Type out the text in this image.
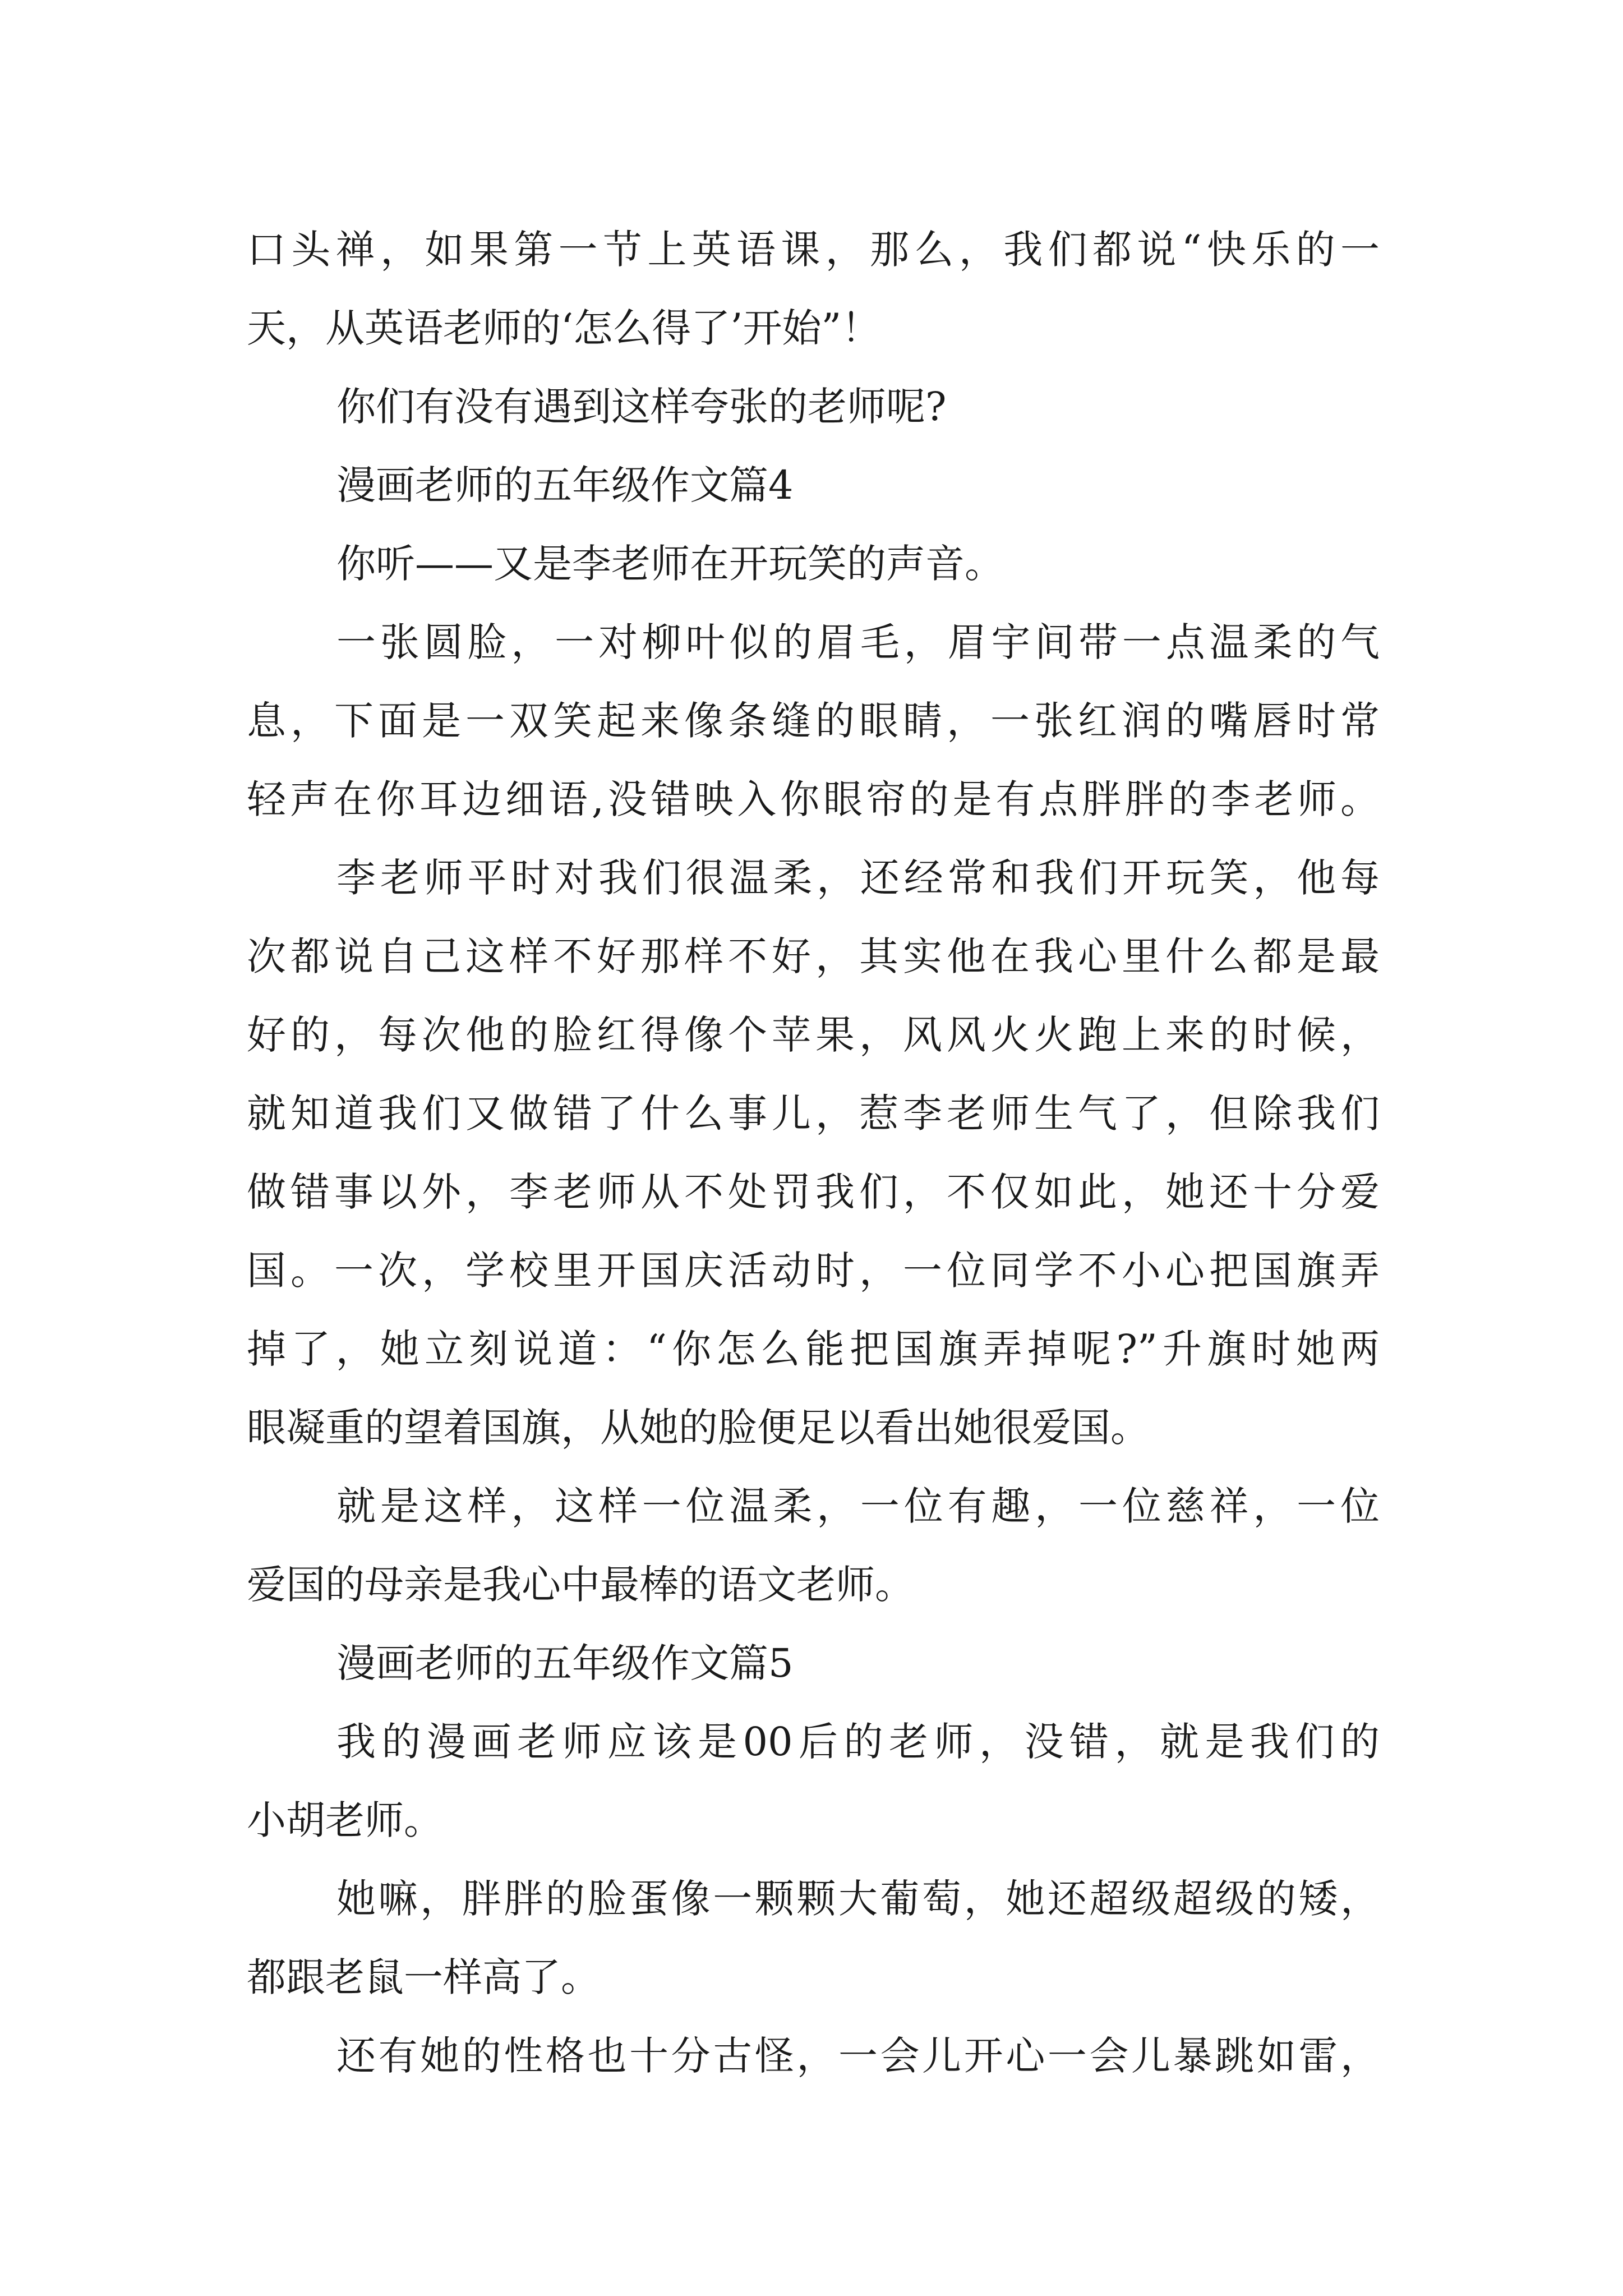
口头禅，如果第一节上英语课，那么，我们都说“快乐的一
天，从英语老师的‘怎么得了’开始”！
你们有没有遇到这样夸张的老师呢?
漫画老师的五年级作文篇4
你听——又是李老师在开玩笑的声音。
一张圆脸，一对柳叶似的眉毛，眉宇间带一点温柔的气
息，下面是一双笑起来像条缝的眼睛，一张红润的嘴唇时常
轻声在你耳边细语,没错映入你眼帘的是有点胖胖的李老师。
李老师平时对我们很温柔，还经常和我们开玩笑，他每
次都说自己这样不好那样不好，其实他在我心里什么都是最
好的，每次他的脸红得像个苹果，风风火火跑上来的时候，
就知道我们又做错了什么事儿，惹李老师生气了，但除我们
做错事以外，李老师从不处罚我们，不仅如此，她还十分爱
国。一次，学校里开国庆活动时，一位同学不小心把国旗弄
掉了，她立刻说道：“你怎么能把国旗弄掉呢?”升旗时她两
眼凝重的望着国旗，从她的脸便足以看出她很爱国。
就是这样，这样一位温柔，一位有趣，一位慈祥，一位
爱国的母亲是我心中最棒的语文老师。
漫画老师的五年级作文篇5
我的漫画老师应该是00后的老师，没错，就是我们的
小胡老师。
她嘛，胖胖的脸蛋像一颗颗大葡萄，她还超级超级的矮，
都跟老鼠一样高了。
还有她的性格也十分古怪，一会儿开心一会儿暴跳如雷，
